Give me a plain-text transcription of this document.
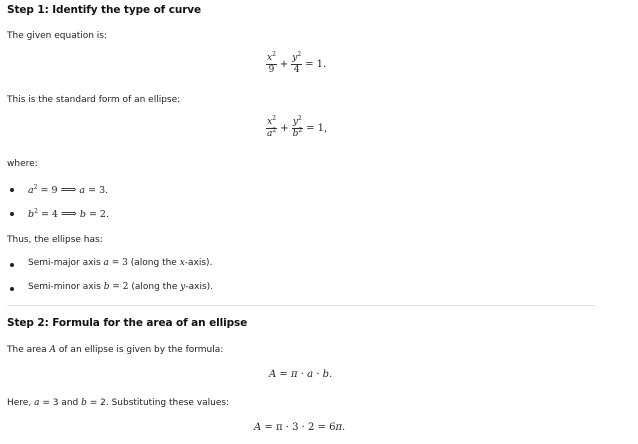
Step 1: Identify the type of curve
The given equation is:
$\frac{x^2}{9} + \frac{y^2}{4} = 1$.
This is the standard form of an ellipse:
$\frac{x^2}{a^2} + \frac{y^2}{b^2} = 1$,
where:
$a^2 = 9$ ⟹ a = 3.
$b^2 = 4$ ⟹ b = 2.
Thus, the ellipse has:
Semi-major axis a = 3 (along the x-axis).
Semi-minor axis b = 2 (along the y-axis).
Step 2: Formula for the area of an ellipse
The area A of an ellipse is given by the formula:
A = π · a · b.
Here, a = 3 and b = 2. Substituting these values:
A = π · 3 · 2 = 6π.
